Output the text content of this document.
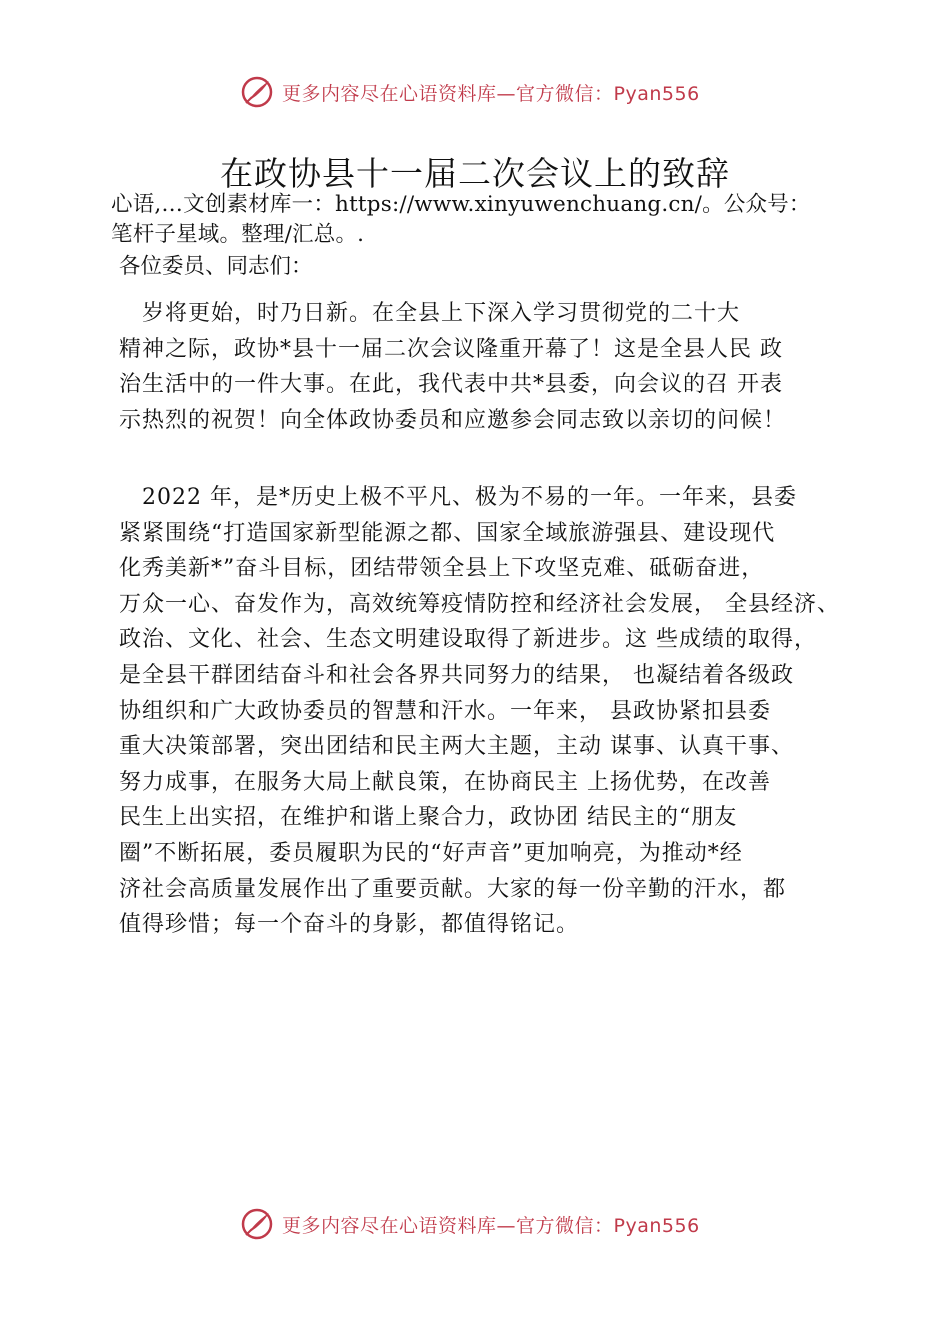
更多内容尽在心语资料库—官方微信：Pyan556
在政协县十一届二次会议上的致辞
心语,…文创素材库一：https://www.xinyuwenchuang.cn/。公众号：
笔杆子星域。整理/汇总。.
各位委员、同志们：
　岁将更始，时乃日新。在全县上下深入学习贯彻党的二十大
精神之际，政协*县十一届二次会议隆重开幕了！这是全县人民 政
治生活中的一件大事。在此，我代表中共*县委，向会议的召 开表
示热烈的祝贺！向全体政协委员和应邀参会同志致以亲切的问候！
　2022 年，是*历史上极不平凡、极为不易的一年。一年来，县委
紧紧围绕“打造国家新型能源之都、国家全域旅游强县、建设现代
化秀美新*”奋斗目标，团结带领全县上下攻坚克难、砥砺奋进，
万众一心、奋发作为，高效统筹疫情防控和经济社会发展， 全县经济、
政治、文化、社会、生态文明建设取得了新进步。这 些成绩的取得，
是全县干群团结奋斗和社会各界共同努力的结果， 也凝结着各级政
协组织和广大政协委员的智慧和汗水。一年来， 县政协紧扣县委
重大决策部署，突出团结和民主两大主题，主动 谋事、认真干事、
努力成事，在服务大局上献良策，在协商民主 上扬优势，在改善
民生上出实招，在维护和谐上聚合力，政协团 结民主的“朋友
圈”不断拓展，委员履职为民的“好声音”更加响亮，为推动*经
济社会高质量发展作出了重要贡献。大家的每一份辛勤的汗水，都
值得珍惜；每一个奋斗的身影，都值得铭记。
更多内容尽在心语资料库—官方微信：Pyan556
